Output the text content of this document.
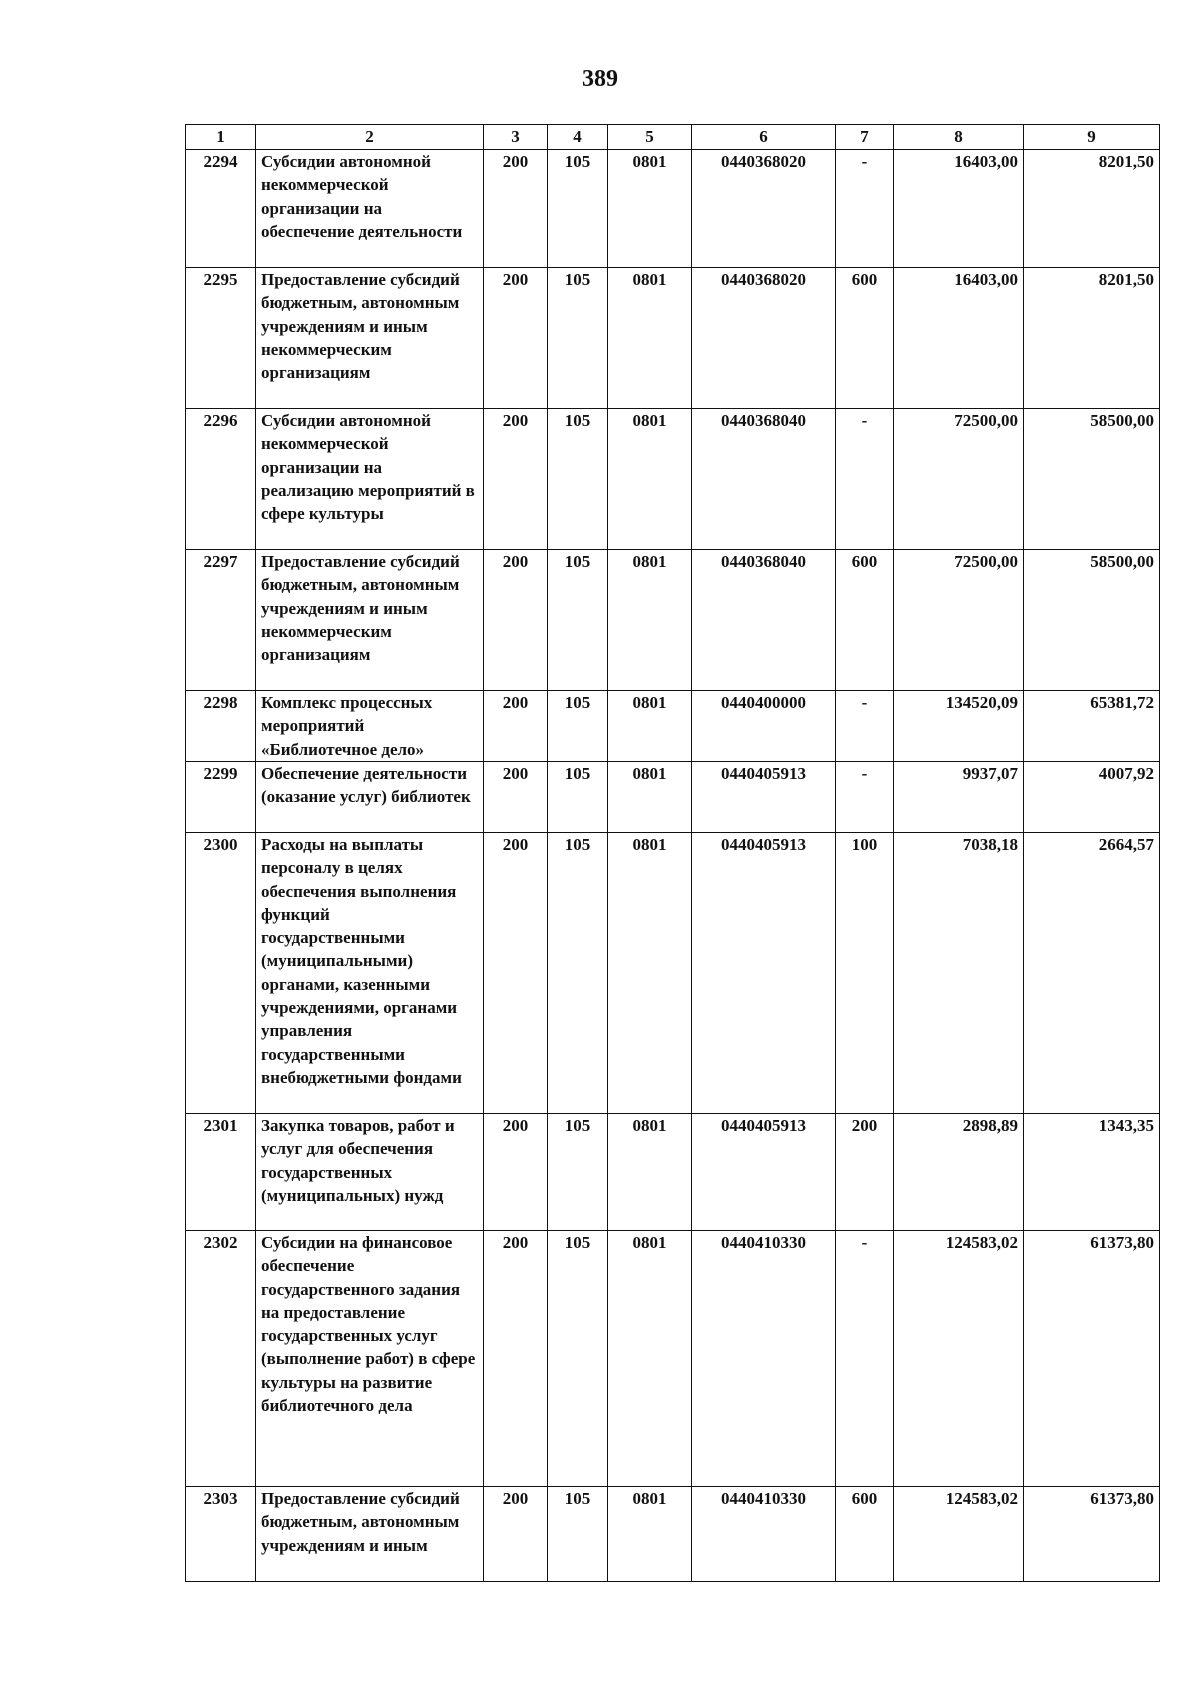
389
1	2	3	4	5	6	7	8	9
2294	Субсидии автономной некоммерческой организации на обеспечение деятельности	200	105	0801	0440368020	-	16403,00	8201,50
2295	Предоставление субсидий бюджетным, автономным учреждениям и иным некоммерческим организациям	200	105	0801	0440368020	600	16403,00	8201,50
2296	Субсидии автономной некоммерческой организации на реализацию мероприятий в сфере культуры	200	105	0801	0440368040	-	72500,00	58500,00
2297	Предоставление субсидий бюджетным, автономным учреждениям и иным некоммерческим организациям	200	105	0801	0440368040	600	72500,00	58500,00
2298	Комплекс процессных мероприятий «Библиотечное дело»	200	105	0801	0440400000	-	134520,09	65381,72
2299	Обеспечение деятельности (оказание услуг) библиотек	200	105	0801	0440405913	-	9937,07	4007,92
2300	Расходы на выплаты персоналу в целях обеспечения выполнения функций государственными (муниципальными) органами, казенными учреждениями, органами управления государственными внебюджетными фондами	200	105	0801	0440405913	100	7038,18	2664,57
2301	Закупка товаров, работ и услуг для обеспечения государственных (муниципальных) нужд	200	105	0801	0440405913	200	2898,89	1343,35
2302	Субсидии на финансовое обеспечение государственного задания на предоставление государственных услуг (выполнение работ) в сфере культуры на развитие библиотечного дела	200	105	0801	0440410330	-	124583,02	61373,80
2303	Предоставление субсидий бюджетным, автономным учреждениям и иным	200	105	0801	0440410330	600	124583,02	61373,80
